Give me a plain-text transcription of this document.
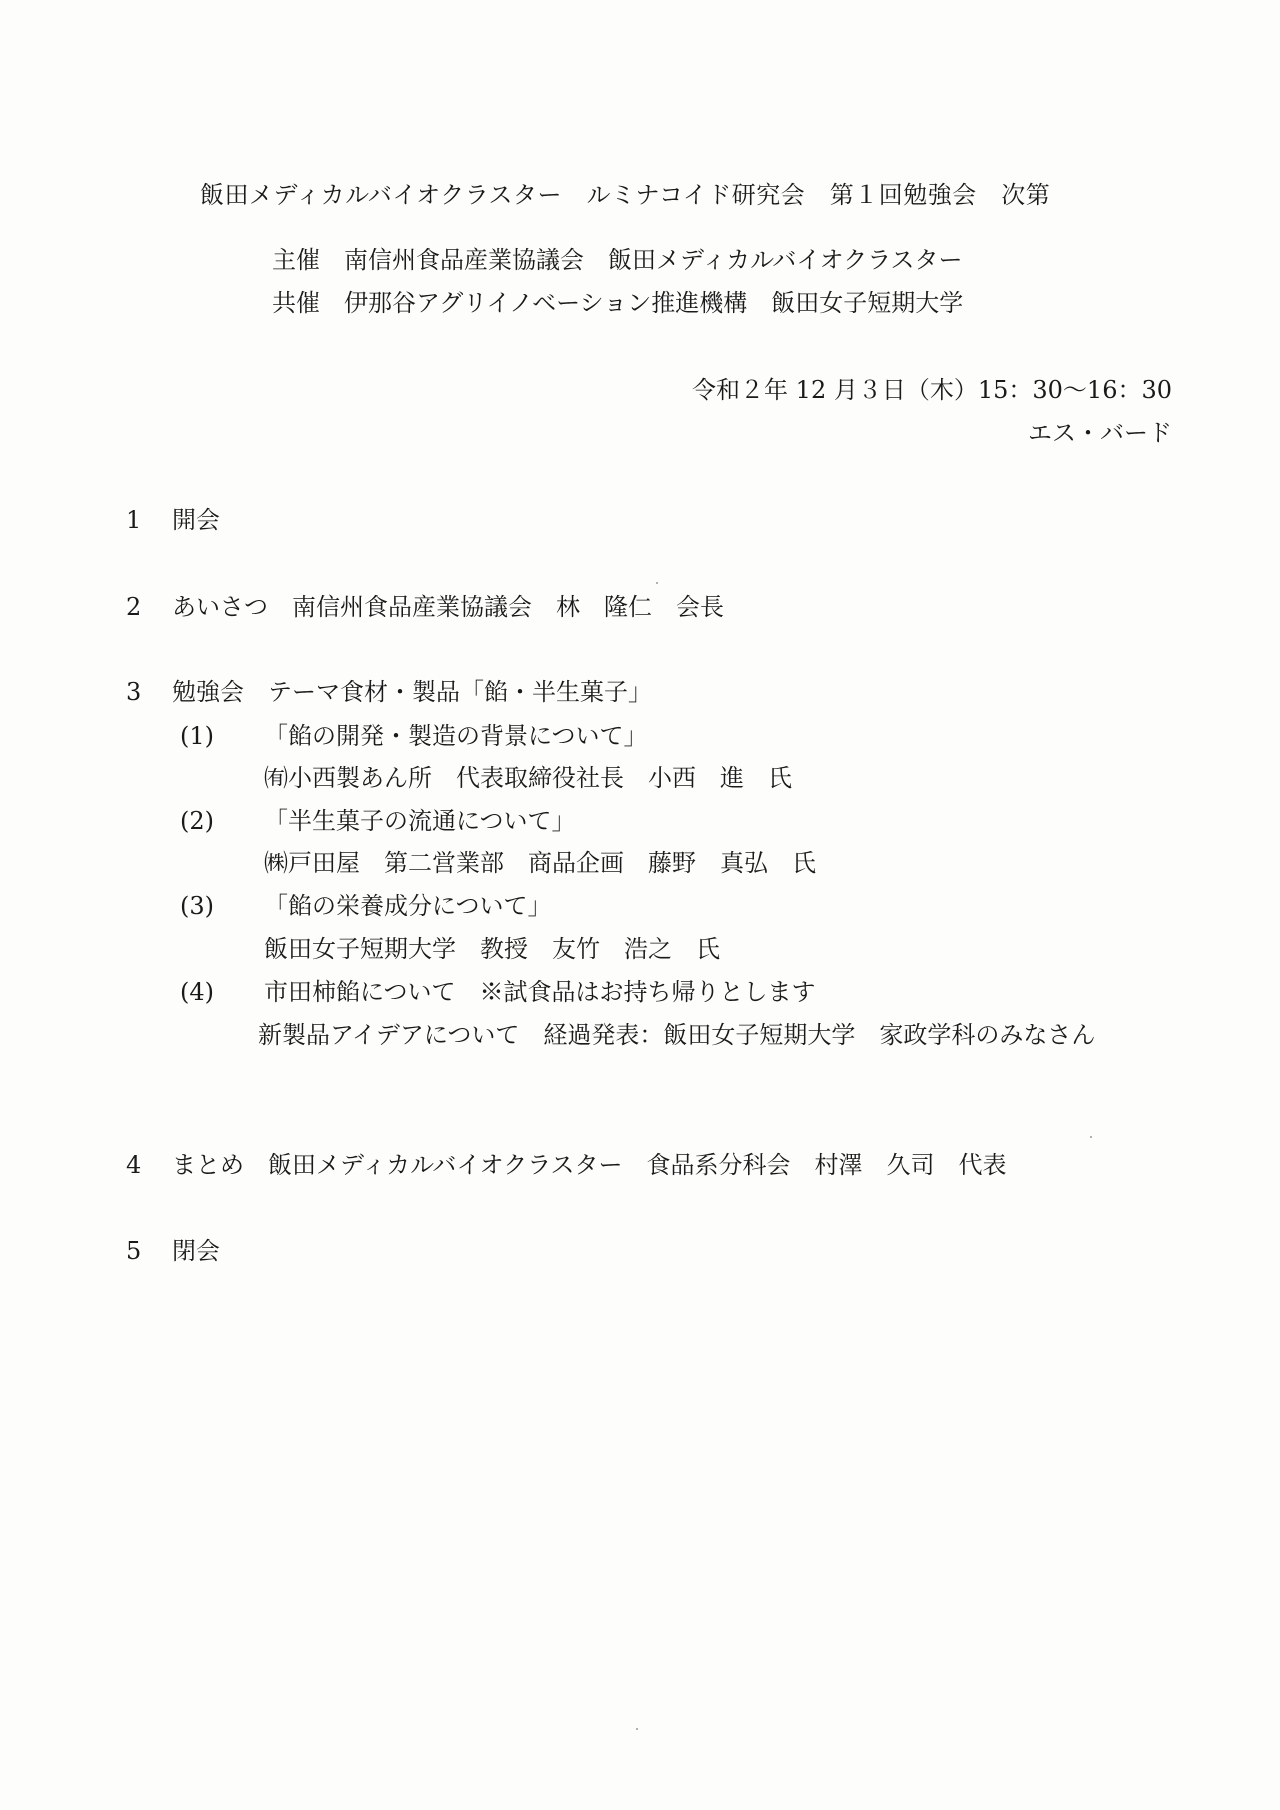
飯田メディカルバイオクラスター　ルミナコイド研究会　第１回勉強会　次第
主催　南信州食品産業協議会　飯田メディカルバイオクラスター
共催　伊那谷アグリイノベーション推進機構　飯田女子短期大学
令和２年 12 月３日（木）15：30～16：30
エス・バード
1 開会
2 あいさつ　南信州食品産業協議会　林　隆仁　会長
3 勉強会　テーマ食材・製品「餡・半生菓子」
(1) 「餡の開発・製造の背景について」
㈲小西製あん所　代表取締役社長　小西　進　氏
(2) 「半生菓子の流通について」
㈱戸田屋　第二営業部　商品企画　藤野　真弘　氏
(3) 「餡の栄養成分について」
飯田女子短期大学　教授　友竹　浩之　氏
(4) 市田柿餡について　※試食品はお持ち帰りとします
新製品アイデアについて　経過発表：飯田女子短期大学　家政学科のみなさん
4 まとめ　飯田メディカルバイオクラスター　食品系分科会　村澤　久司　代表
5 閉会
